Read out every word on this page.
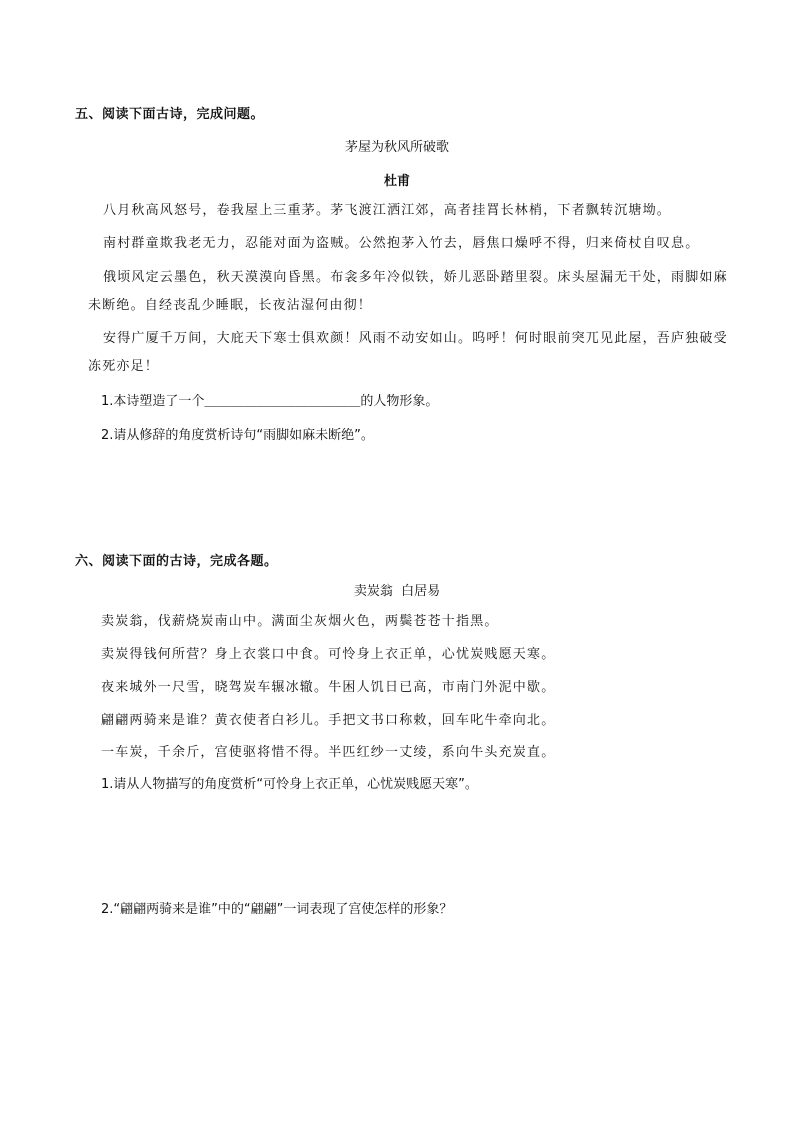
五、阅读下面古诗，完成问题。
茅屋为秋风所破歌
杜甫
八月秋高风怒号，卷我屋上三重茅。茅飞渡江洒江郊，高者挂罥长林梢，下者飘转沉塘坳。
南村群童欺我老无力，忍能对面为盗贼。公然抱茅入竹去，唇焦口燥呼不得，归来倚杖自叹息。
俄顷风定云墨色，秋天漠漠向昏黑。布衾多年冷似铁，娇儿恶卧踏里裂。床头屋漏无干处，雨脚如麻
未断绝。自经丧乱少睡眠，长夜沾湿何由彻！
安得广厦千万间，大庇天下寒士俱欢颜！风雨不动安如山。呜呼！何时眼前突兀见此屋，吾庐独破受
冻死亦足！
1.本诗塑造了一个＿＿＿＿＿＿＿＿＿＿＿＿的人物形象。
2.请从修辞的角度赏析诗句“雨脚如麻未断绝”。
六、阅读下面的古诗，完成各题。
卖炭翁  白居易
卖炭翁，伐薪烧炭南山中。满面尘灰烟火色，两鬓苍苍十指黑。
卖炭得钱何所营？身上衣裳口中食。可怜身上衣正单，心忧炭贱愿天寒。
夜来城外一尺雪，晓驾炭车辗冰辙。牛困人饥日已高，市南门外泥中歇。
翩翩两骑来是谁？黄衣使者白衫儿。手把文书口称敕，回车叱牛牵向北。
一车炭，千余斤，宫使驱将惜不得。半匹红纱一丈绫，系向牛头充炭直。
1.请从人物描写的角度赏析“可怜身上衣正单，心忧炭贱愿天寒”。
2.“翩翩两骑来是谁”中的“翩翩”一词表现了宫使怎样的形象？
